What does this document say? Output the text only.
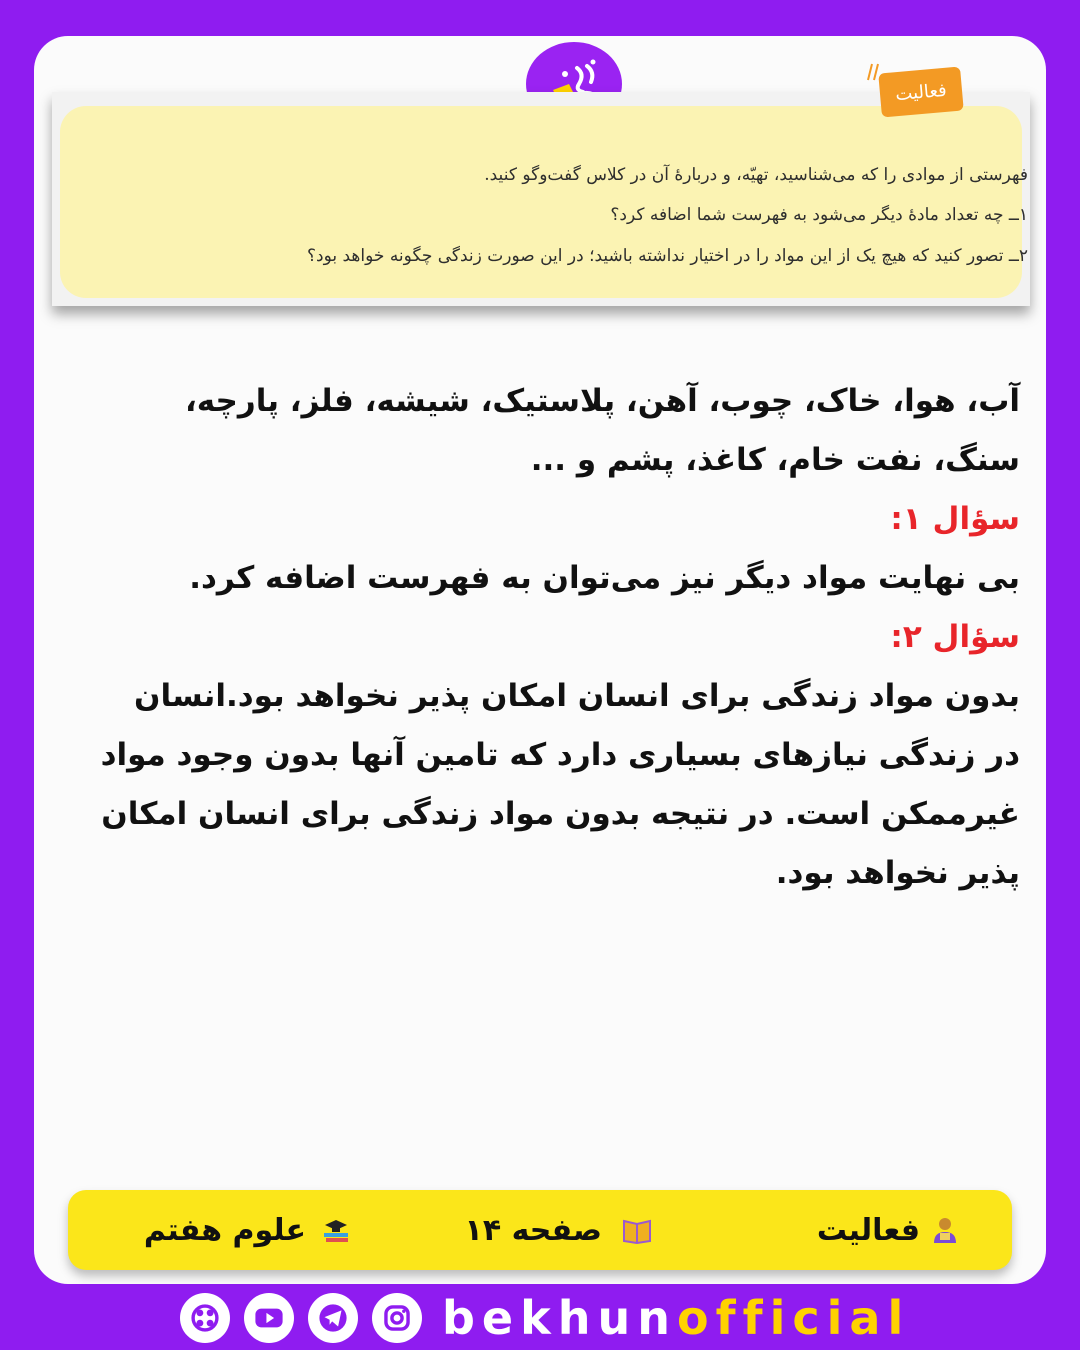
فعالیت
فهرستی از موادی را که می‌شناسید، تهیّه، و دربارهٔ آن در کلاس گفت‌وگو کنید.
۱ــ چه تعداد مادهٔ دیگر می‌شود به فهرست شما اضافه کرد؟
۲ــ تصور کنید که هیچ یک از این مواد را در اختیار نداشته باشید؛ در این صورت زندگی چگونه خواهد بود؟

آب، هوا، خاک، چوب، آهن، پلاستیک، شیشه، فلز، پارچه، سنگ، نفت خام، کاغذ، پشم و ...

سؤال ۱:

بی نهایت مواد دیگر نیز می‌توان به فهرست اضافه کرد.

سؤال ۲:

بدون مواد زندگی برای انسان امکان پذیر نخواهد بود.انسان در زندگی نیازهای بسیاری دارد که تامین آنها بدون وجود مواد غیرممکن است. در نتیجه بدون مواد زندگی برای انسان امکان پذیر نخواهد بود.

فعالیت
صفحه ۱۴
علوم هفتم
bekhunofficial
